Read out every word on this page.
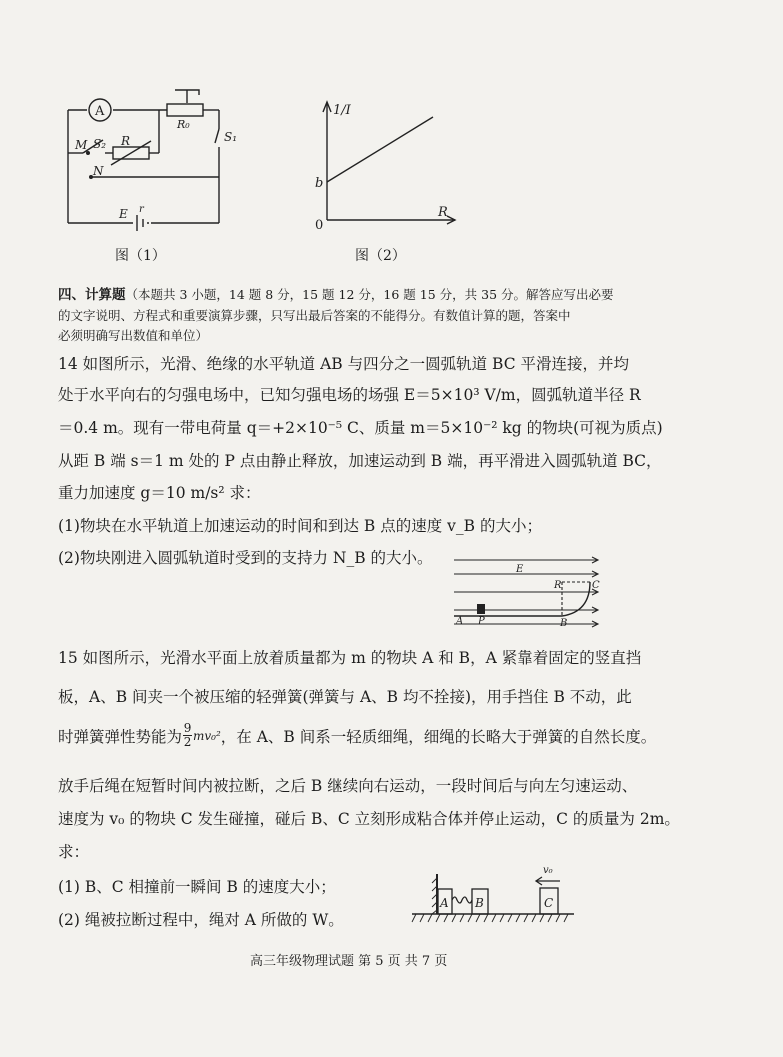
A
R₀
S₁
M S₂ R
N
E r
图（1）
1/I
R
0
b
图（2）
四、计算题（本题共 3 小题，14 题 8 分，15 题 12 分，16 题 15 分，共 35 分。解答应写出必要
的文字说明、方程式和重要演算步骤，只写出最后答案的不能得分。有数值计算的题，答案中
必须明确写出数值和单位）
14 如图所示，光滑、绝缘的水平轨道 AB 与四分之一圆弧轨道 BC 平滑连接，并均
处于水平向右的匀强电场中，已知匀强电场的场强 E＝5×10³ V/m，圆弧轨道半径 R
＝0.4 m。现有一带电荷量 q＝+2×10⁻⁵ C、质量 m＝5×10⁻² kg 的物块(可视为质点)
从距 B 端 s＝1 m 处的 P 点由静止释放，加速运动到 B 端，再平滑进入圆弧轨道 BC，
重力加速度 g＝10 m/s² 求：
(1)物块在水平轨道上加速运动的时间和到达 B 点的速度 v_B 的大小；
(2)物块刚进入圆弧轨道时受到的支持力 N_B 的大小。
E
R	C
A P	B
15 如图所示，光滑水平面上放着质量都为 m 的物块 A 和 B，A 紧靠着固定的竖直挡
板，A、B 间夹一个被压缩的轻弹簧(弹簧与 A、B 均不拴接)，用手挡住 B 不动，此
时弹簧弹性势能为 9
2 mv₀² ，在 A、B 间系一轻质细绳，细绳的长略大于弹簧的自然长度。
放手后绳在短暂时间内被拉断，之后 B 继续向右运动，一段时间后与向左匀速运动、
速度为 v₀ 的物块 C 发生碰撞，碰后 B、C 立刻形成粘合体并停止运动，C 的质量为 2m。
求：
(1) B、C 相撞前一瞬间 B 的速度大小；
(2) 绳被拉断过程中，绳对 A 所做的 W。
A B	C
v₀
高三年级物理试题 第 5 页 共 7 页
